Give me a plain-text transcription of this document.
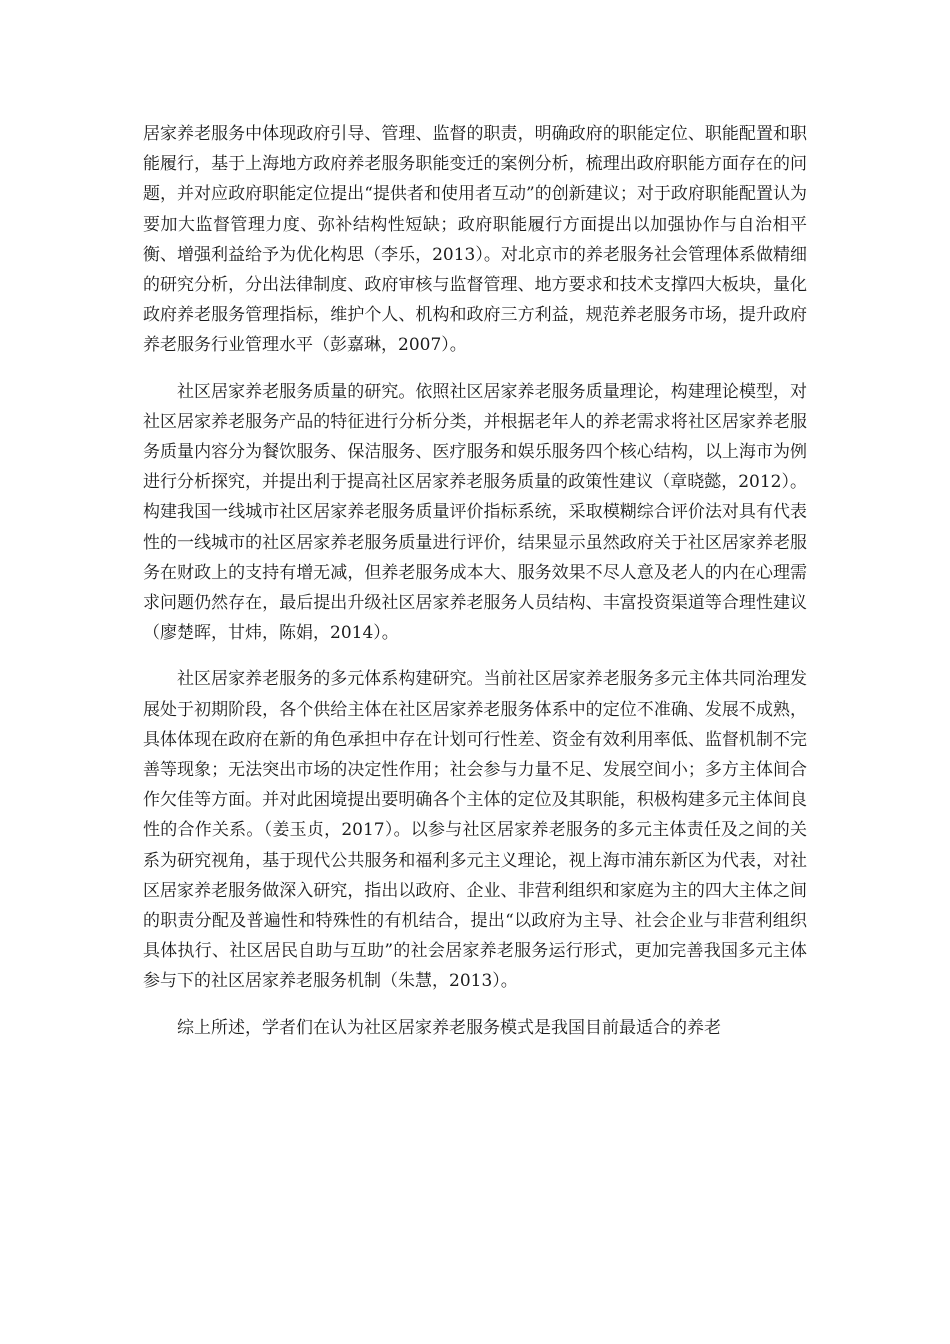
居家养老服务中体现政府引导、管理、监督的职责，明确政府的职能定位、职能配置和职能履行，基于上海地方政府养老服务职能变迁的案例分析，梳理出政府职能方面存在的问题，并对应政府职能定位提出“提供者和使用者互动”的创新建议；对于政府职能配置认为要加大监督管理力度、弥补结构性短缺；政府职能履行方面提出以加强协作与自治相平衡、增强利益给予为优化构思（李乐，2013）。对北京市的养老服务社会管理体系做精细的研究分析，分出法律制度、政府审核与监督管理、地方要求和技术支撑四大板块，量化政府养老服务管理指标，维护个人、机构和政府三方利益，规范养老服务市场，提升政府养老服务行业管理水平（彭嘉琳，2007）。

社区居家养老服务质量的研究。依照社区居家养老服务质量理论，构建理论模型，对社区居家养老服务产品的特征进行分析分类，并根据老年人的养老需求将社区居家养老服务质量内容分为餐饮服务、保洁服务、医疗服务和娱乐服务四个核心结构，以上海市为例进行分析探究，并提出利于提高社区居家养老服务质量的政策性建议（章晓懿，2012）。构建我国一线城市社区居家养老服务质量评价指标系统，采取模糊综合评价法对具有代表性的一线城市的社区居家养老服务质量进行评价，结果显示虽然政府关于社区居家养老服务在财政上的支持有增无减，但养老服务成本大、服务效果不尽人意及老人的内在心理需求问题仍然存在，最后提出升级社区居家养老服务人员结构、丰富投资渠道等合理性建议（廖楚晖，甘炜，陈娟，2014）。

社区居家养老服务的多元体系构建研究。当前社区居家养老服务多元主体共同治理发展处于初期阶段，各个供给主体在社区居家养老服务体系中的定位不准确、发展不成熟，具体体现在政府在新的角色承担中存在计划可行性差、资金有效利用率低、监督机制不完善等现象；无法突出市场的决定性作用；社会参与力量不足、发展空间小；多方主体间合作欠佳等方面。并对此困境提出要明确各个主体的定位及其职能，积极构建多元主体间良性的合作关系。（姜玉贞，2017）。以参与社区居家养老服务的多元主体责任及之间的关系为研究视角，基于现代公共服务和福利多元主义理论，视上海市浦东新区为代表，对社区居家养老服务做深入研究，指出以政府、企业、非营利组织和家庭为主的四大主体之间的职责分配及普遍性和特殊性的有机结合，提出“以政府为主导、社会企业与非营利组织具体执行、社区居民自助与互助”的社会居家养老服务运行形式，更加完善我国多元主体参与下的社区居家养老服务机制（朱慧，2013）。

综上所述，学者们在认为社区居家养老服务模式是我国目前最适合的养老
